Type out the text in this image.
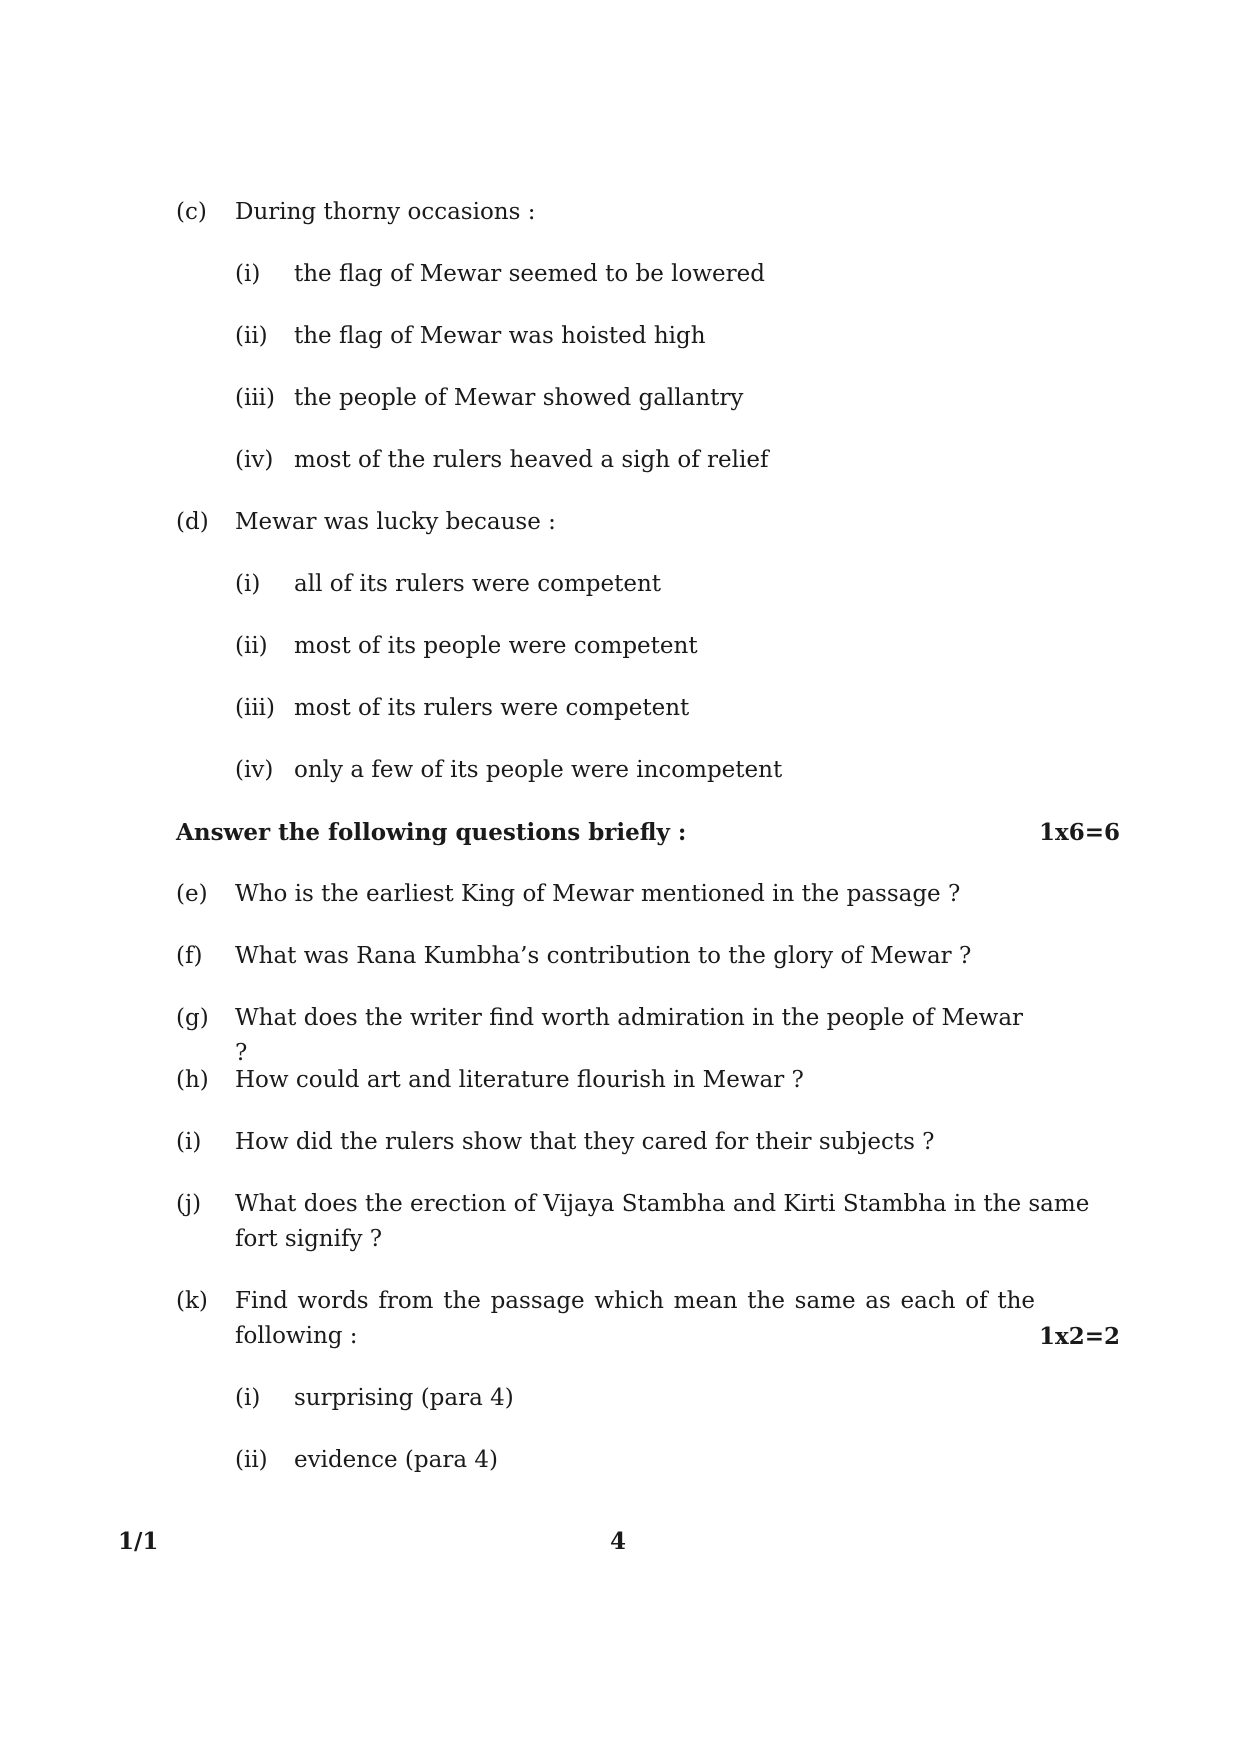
(c) During thorny occasions :
(i) the flag of Mewar seemed to be lowered
(ii) the flag of Mewar was hoisted high
(iii) the people of Mewar showed gallantry
(iv) most of the rulers heaved a sigh of relief
(d) Mewar was lucky because :
(i) all of its rulers were competent
(ii) most of its people were competent
(iii) most of its rulers were competent
(iv) only a few of its people were incompetent
Answer the following questions briefly :	1x6=6
(e) Who is the earliest King of Mewar mentioned in the passage ?
(f) What was Rana Kumbha’s contribution to the glory of Mewar ?
(g) What does the writer find worth admiration in the people of Mewar ?
(h) How could art and literature flourish in Mewar ?
(i) How did the rulers show that they cared for their subjects ?
(j) What does the erection of Vijaya Stambha and Kirti Stambha in the same
fort signify ?
(k) Find words from the passage which mean the same as each of the
following :	1x2=2
(i) surprising (para 4)
(ii) evidence (para 4)
1/1	4
